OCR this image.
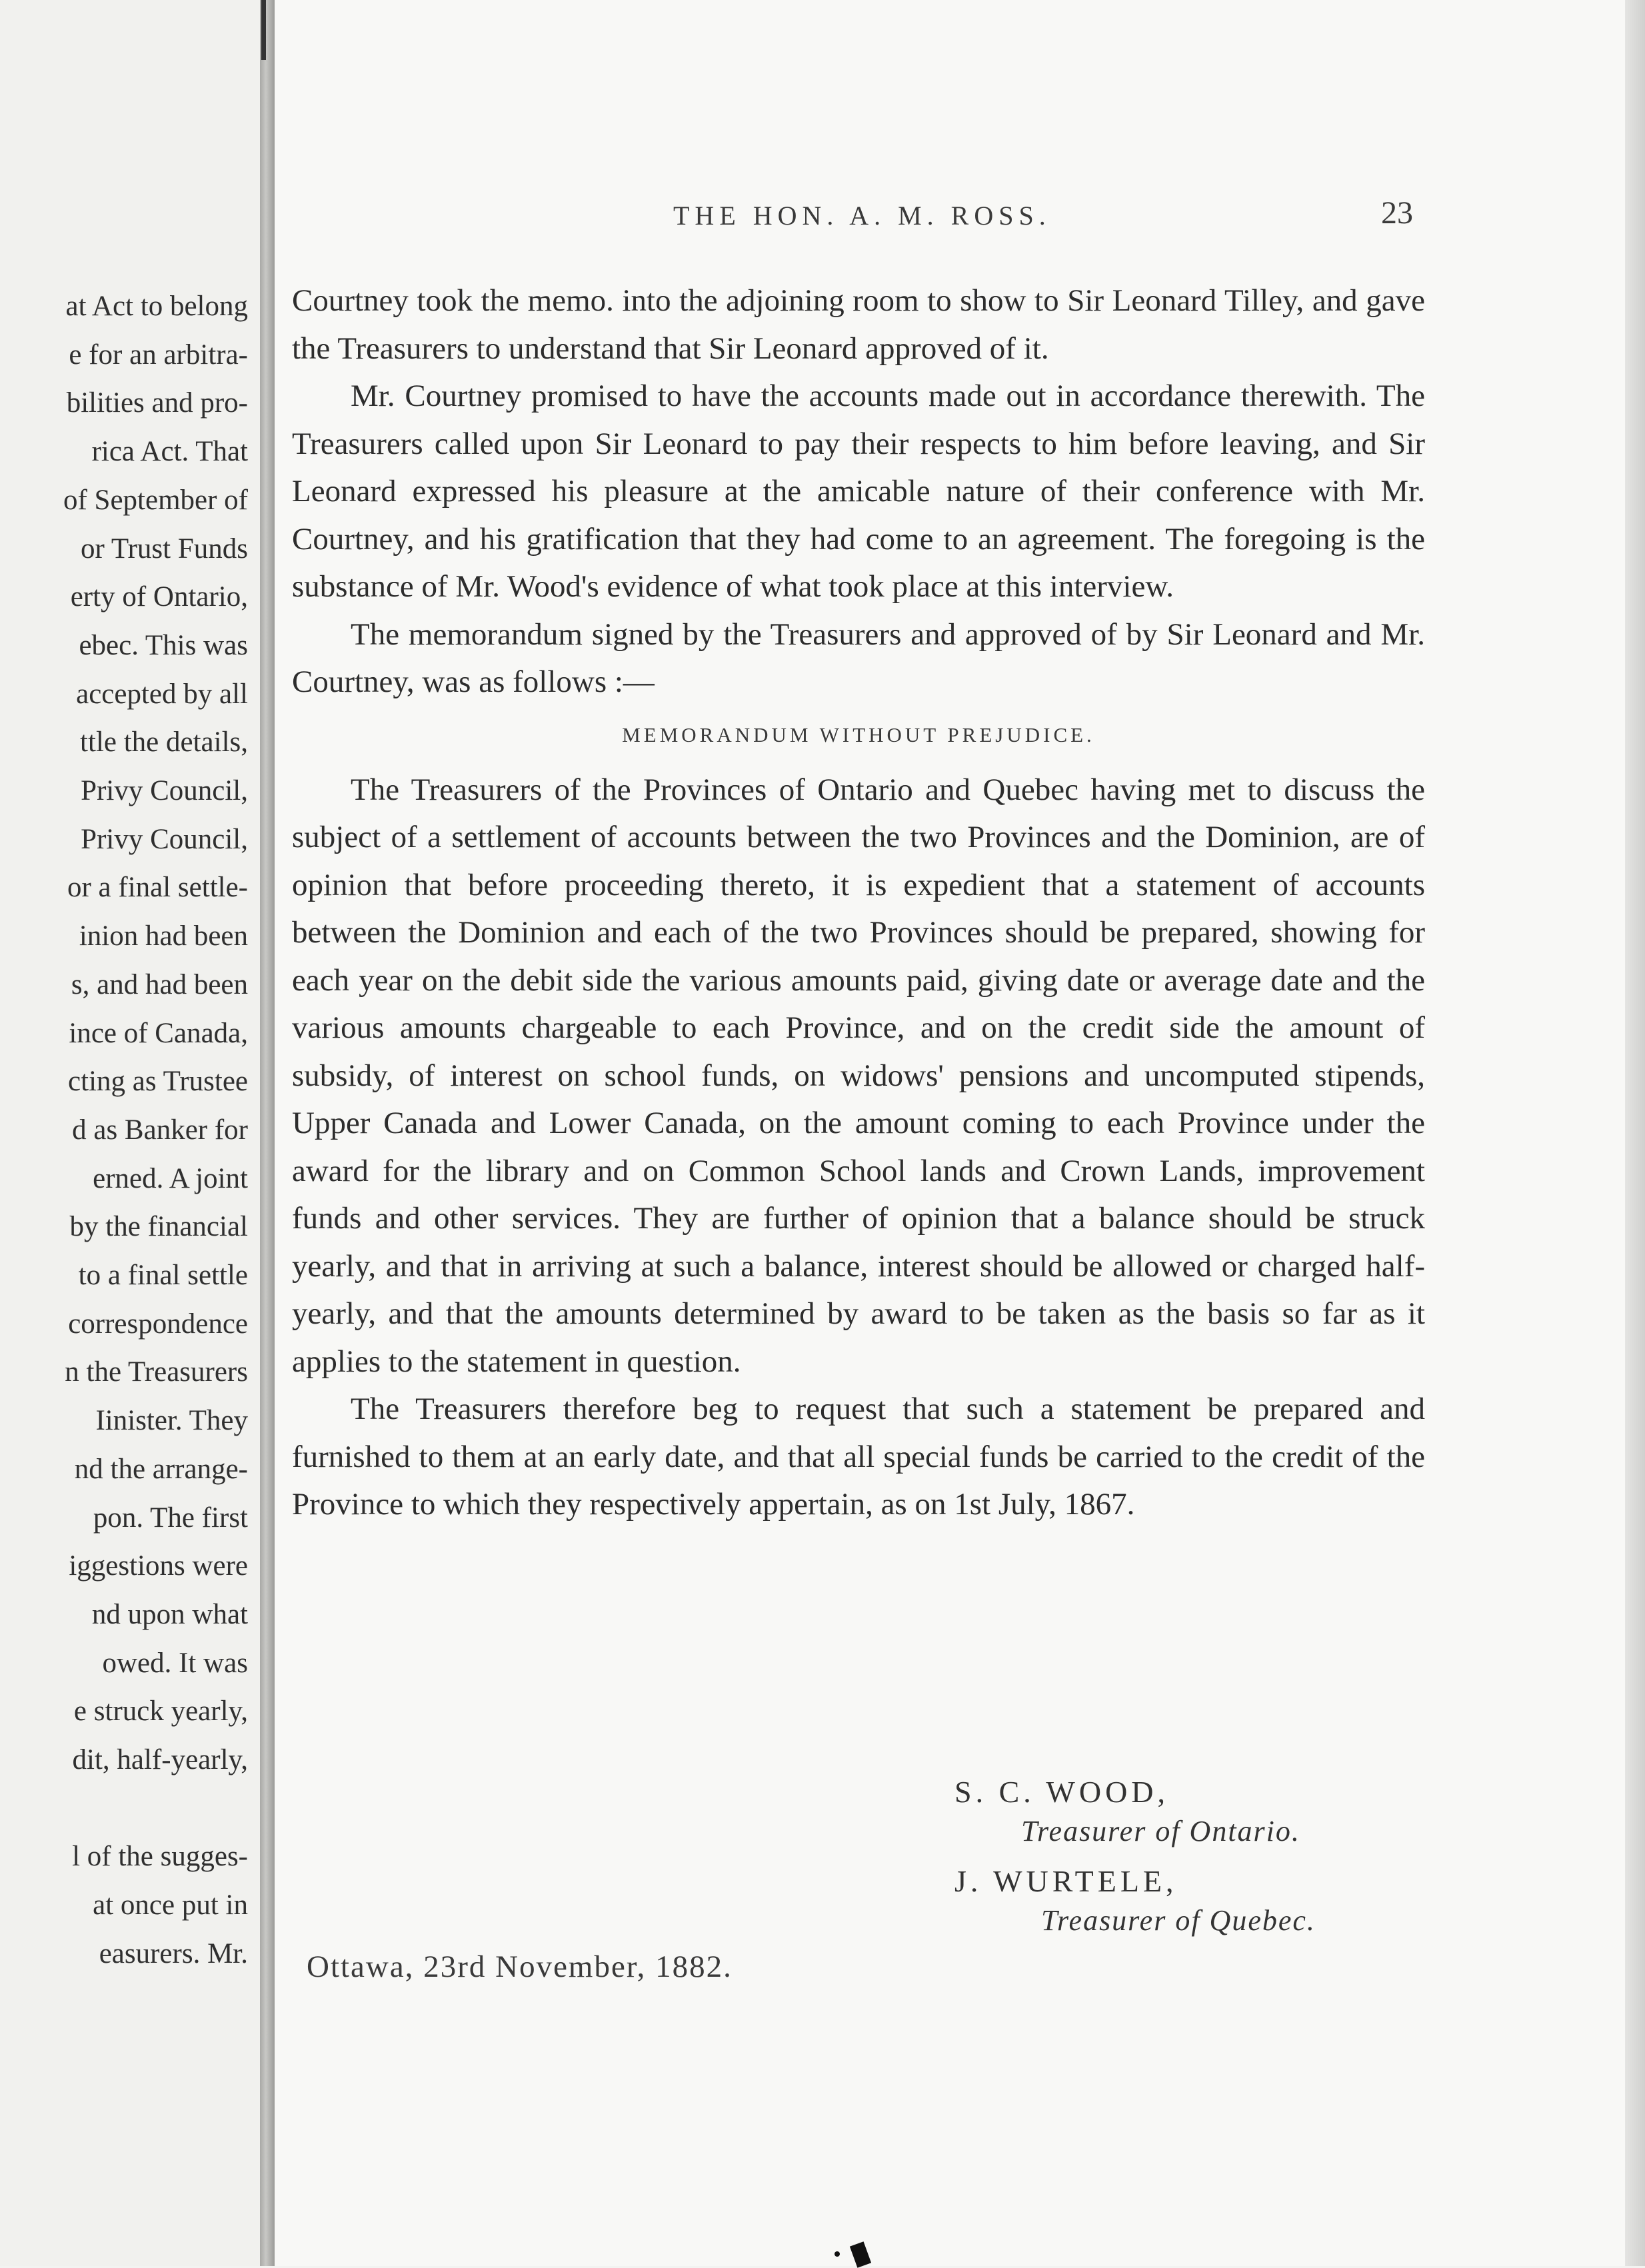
at Act to belong
e for an arbitra-
bilities and pro-
rica Act. That
of September of
or Trust Funds
erty of Ontario,
ebec. This was
accepted by all
ttle the details,
Privy Council,
Privy Council,
or a final settle-
inion had been
s, and had been
ince of Canada,
cting as Trustee
d as Banker for
erned. A joint
by the financial
to a final settle
correspondence
n the Treasurers
Iinister. They
nd the arrange-
pon. The first
iggestions were
nd upon what
owed. It was
e struck yearly,
dit, half-yearly,
l of the sugges-
at once put in
easurers. Mr.
THE HON. A. M. ROSS.	23

Courtney took the memo. into the adjoining room to show to Sir Leonard Tilley, and gave the Treasurers to understand that Sir Leonard approved of it.

Mr. Courtney promised to have the accounts made out in accordance therewith. The Treasurers called upon Sir Leonard to pay their respects to him before leaving, and Sir Leonard expressed his pleasure at the amicable nature of their conference with Mr. Courtney, and his gratification that they had come to an agreement. The foregoing is the substance of Mr. Wood's evidence of what took place at this interview.

The memorandum signed by the Treasurers and approved of by Sir Leonard and Mr. Courtney, was as follows :—

MEMORANDUM WITHOUT PREJUDICE.

The Treasurers of the Provinces of Ontario and Quebec having met to discuss the subject of a settlement of accounts between the two Provinces and the Dominion, are of opinion that before proceeding thereto, it is expedient that a statement of accounts between the Dominion and each of the two Provinces should be prepared, showing for each year on the debit side the various amounts paid, giving date or average date and the various amounts chargeable to each Province, and on the credit side the amount of subsidy, of interest on school funds, on widows' pensions and uncomputed stipends, Upper Canada and Lower Canada, on the amount coming to each Province under the award for the library and on Common School lands and Crown Lands, improvement funds and other services. They are further of opinion that a balance should be struck yearly, and that in arriving at such a balance, interest should be allowed or charged half-yearly, and that the amounts determined by award to be taken as the basis so far as it applies to the statement in question.

The Treasurers therefore beg to request that such a statement be prepared and furnished to them at an early date, and that all special funds be carried to the credit of the Province to which they respectively appertain, as on 1st July, 1867.

S. C. WOOD,
Treasurer of Ontario.
J. WURTELE,
Treasurer of Quebec.
Ottawa, 23rd November, 1882.
